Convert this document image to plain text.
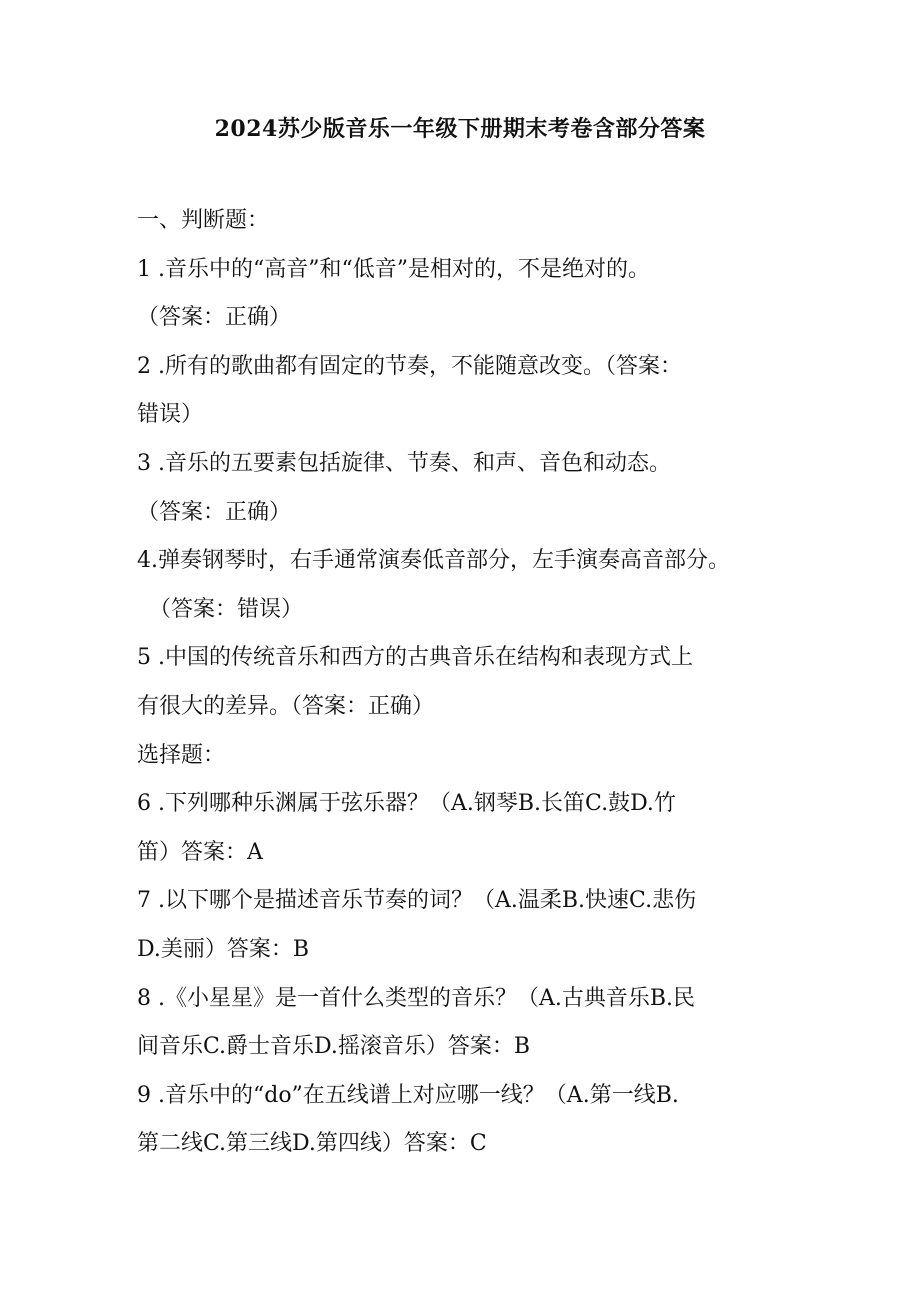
2024苏少版音乐一年级下册期末考卷含部分答案
一、判断题：
1 .音乐中的“高音”和“低音”是相对的，不是绝对的。
（答案：正确）
2 .所有的歌曲都有固定的节奏，不能随意改变。（答案：
错误）
3 .音乐的五要素包括旋律、节奏、和声、音色和动态。
（答案：正确）
4.弹奏钢琴时，右手通常演奏低音部分，左手演奏高音部分。
（答案：错误）
5 .中国的传统音乐和西方的古典音乐在结构和表现方式上
有很大的差异。（答案：正确）
选择题：
6 .下列哪种乐渊属于弦乐器？（A.钢琴B.长笛C.鼓D.竹
笛）答案：A
7 .以下哪个是描述音乐节奏的词？（A.温柔B.快速C.悲伤
D.美丽）答案：B
8 .《小星星》是一首什么类型的音乐？（A.古典音乐B.民
间音乐C.爵士音乐D.摇滚音乐）答案：B
9 .音乐中的“do”在五线谱上对应哪一线？（A.第一线B.
第二线C.第三线D.第四线）答案：C
